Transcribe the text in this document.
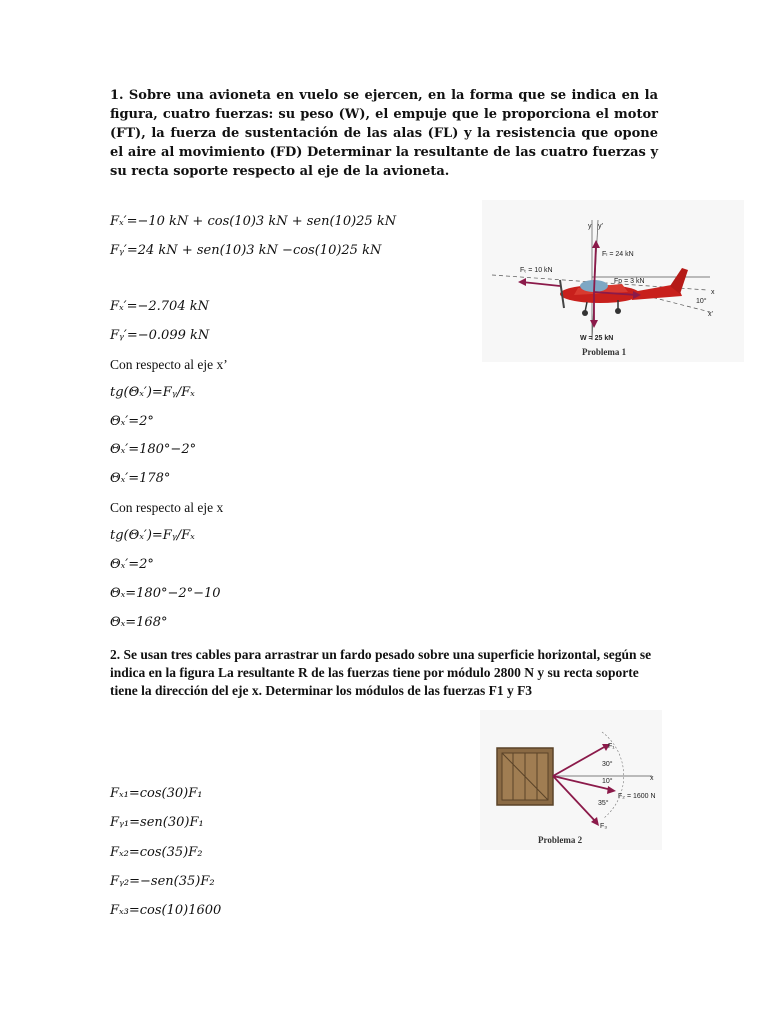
1. Sobre una avioneta en vuelo se ejercen, en la forma que se indica en la figura, cuatro fuerzas: su peso (W), el empuje que le proporciona el motor (FT), la fuerza de sustentación de las alas (FL) y la resistencia que opone el aire al movimiento (FD) Determinar la resultante de las cuatro fuerzas y su recta soporte respecto al eje de la avioneta.
Fₓ′=−10 kN + cos(10)3 kN + sen(10)25 kN
Fᵧ′=24 kN + sen(10)3 kN −cos(10)25 kN
Fₓ′=−2.704 kN
Fᵧ′=−0.099 kN
Con respecto al eje x’
tg(Θₓ′)=Fᵧ/Fₓ
Θₓ′=2°
Θₓ′=180°−2°
Θₓ′=178°
Con respecto al eje x
tg(Θₓ′)=Fᵧ/Fₓ
Θₓ′=2°
Θₓ=180°−2°−10
Θₓ=168°
y y′
x
x′
10°
Fₜ = 10 kN
Fₗ = 24 kN
Fᴅ = 3 kN
W = 25 kN
Problema 1
2. Se usan tres cables para arrastrar un fardo pesado sobre una superficie horizontal, según se indica en la figura La resultante R de las fuerzas tiene por módulo 2800 N y su recta soporte tiene la dirección del eje x. Determinar los módulos de las fuerzas F1 y F3
x
F₁
F₂ = 1600 N
F₃
30°
10°
35°
Problema 2
Fₓ₁=cos(30)F₁
Fᵧ₁=sen(30)F₁
Fₓ₂=cos(35)F₂
Fᵧ₂=−sen(35)F₂
Fₓ₃=cos(10)1600
